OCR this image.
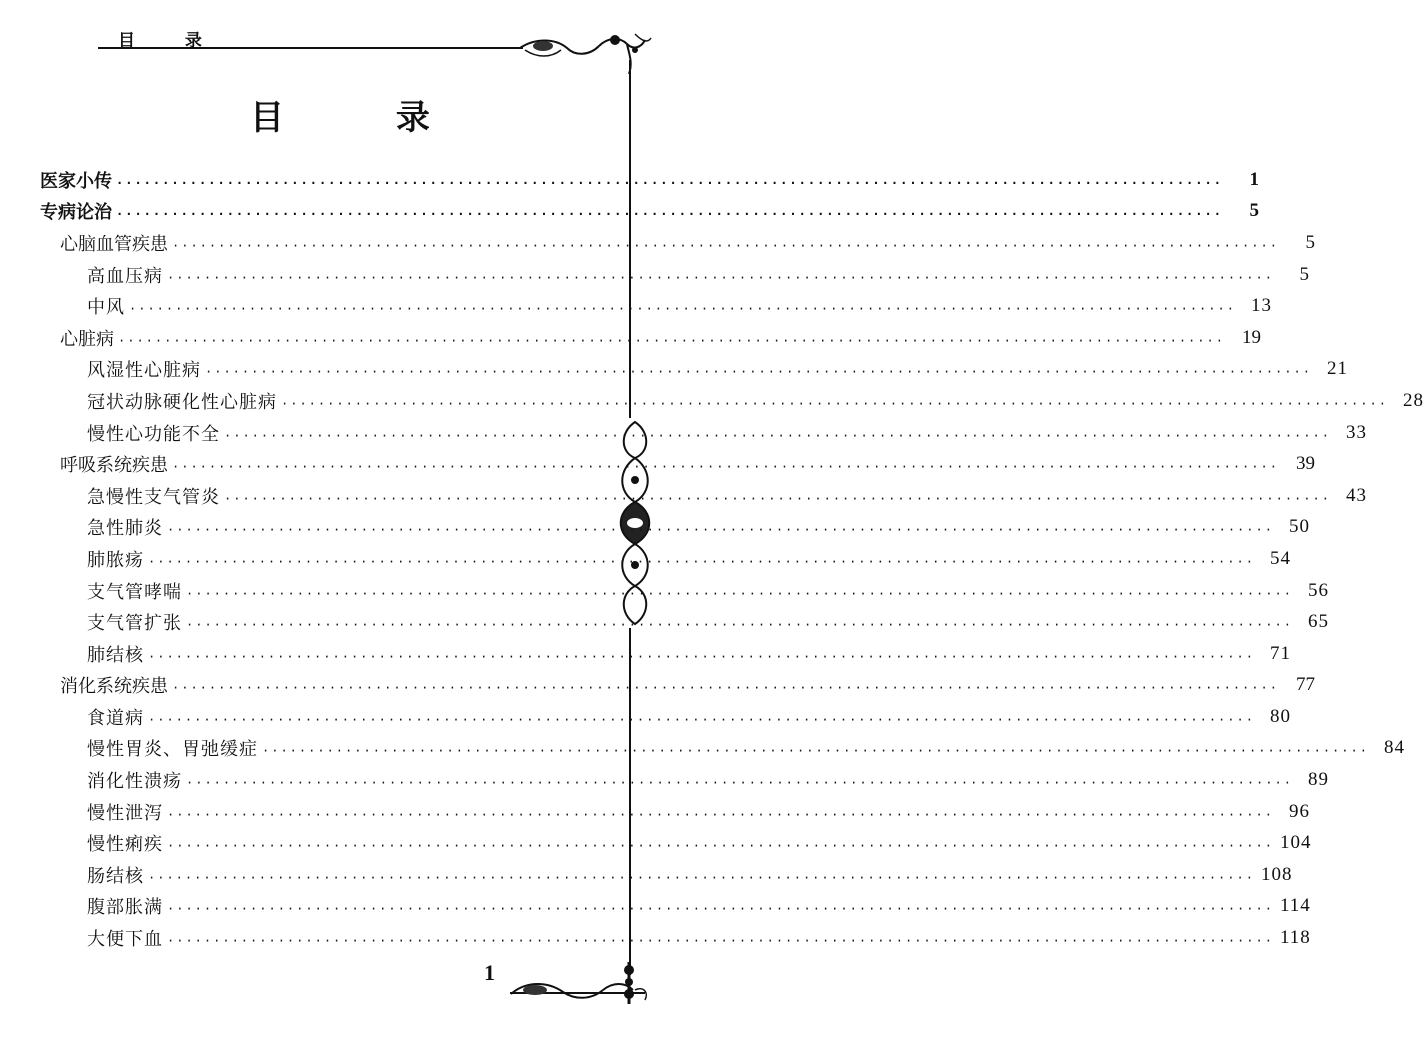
目 录
目 录
医家小传 ························································································································	1
专病论治 ························································································································	5
心脑血管疾患 ························································································································	5
高血压病 ························································································································	5
中风 ························································································································ 13
心脏病 ························································································································ 19
风湿性心脏病 ························································································································ 21
冠状动脉硬化性心脏病 ························································································································ 28
慢性心功能不全 ························································································································ 33
呼吸系统疾患 ························································································································ 39
急慢性支气管炎 ························································································································ 43
急性肺炎 ························································································································ 50
肺脓疡 ························································································································ 54
支气管哮喘 ························································································································ 56
支气管扩张 ························································································································ 65
肺结核 ························································································································ 71
消化系统疾患 ························································································································ 77
食道病 ························································································································ 80
慢性胃炎、胃弛缓症 ························································································································ 84
消化性溃疡 ························································································································ 89
慢性泄泻 ························································································································ 96
慢性痢疾 ························································································································ 104
肠结核 ························································································································ 108
腹部胀满 ························································································································ 114
大便下血 ························································································································ 118
1
